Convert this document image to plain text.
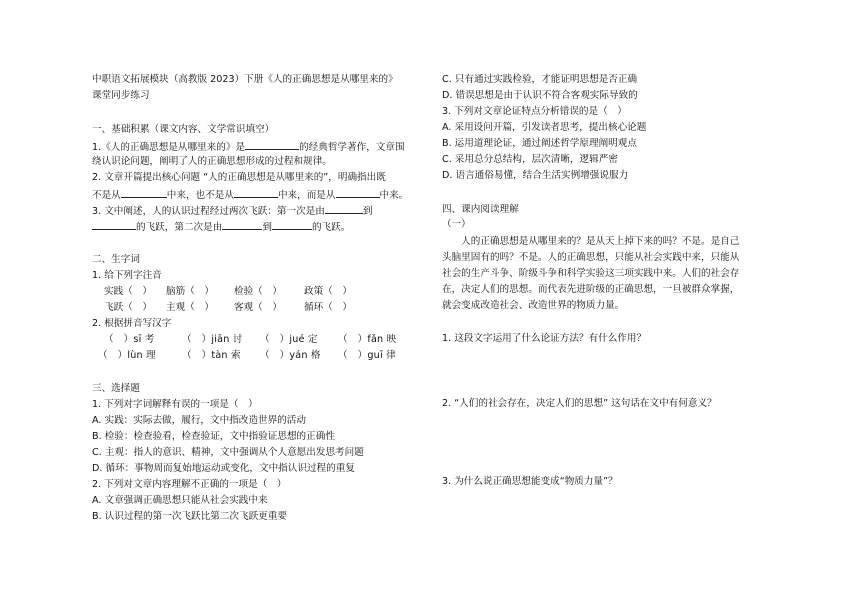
中职语文拓展模块（高教版 2023）下册《人的正确思想是从哪里来的》
课堂同步练习
一、基础积累（课文内容、文学常识填空）
1.《人的正确思想是从哪里来的》是	的经典哲学著作，文章围
绕认识论问题，阐明了人的正确思想形成的过程和规律。
2. 文章开篇提出核心问题 “人的正确思想是从哪里来的”，明确指出既
不是从	中来，也不是从	中来，而是从	中来。
3. 文中阐述，人的认识过程经过两次飞跃：第一次是由	到
的飞跃，第二次是由	到	的飞跃。
二、生字词
1. 给下列字注音
实践（　） 脑筋（　） 检验（　） 政策（　）
飞跃（　） 主观（　） 客观（　） 循环（　）
2. 根据拼音写汉字
（　）sī 考	（　）jiān 讨 （　）jué 定 （　）fǎn 映
（　）lùn 理	（　）tàn 索 （　）yán 格 （　）guī 律
三、选择题
1. 下列对字词解释有误的一项是（　）
A. 实践：实际去做，履行，文中指改造世界的活动
B. 检验：检查验看，检查验证，文中指验证思想的正确性
C. 主观：指人的意识、精神，文中强调从个人意愿出发思考问题
D. 循环：事物周而复始地运动或变化，文中指认识过程的重复
2. 下列对文章内容理解不正确的一项是（　）
A. 文章强调正确思想只能从社会实践中来
B. 认识过程的第一次飞跃比第二次飞跃更重要
C. 只有通过实践检验，才能证明思想是否正确
D. 错误思想是由于认识不符合客观实际导致的
3. 下列对文章论证特点分析错误的是（　）
A. 采用设问开篇，引发读者思考，提出核心论题
B. 运用道理论证，通过阐述哲学原理阐明观点
C. 采用总分总结构，层次清晰，逻辑严密
D. 语言通俗易懂，结合生活实例增强说服力
四、课内阅读理解
（一）
　　人的正确思想是从哪里来的？是从天上掉下来的吗？不是。是自己
头脑里固有的吗？不是。人的正确思想，只能从社会实践中来，只能从
社会的生产斗争、阶级斗争和科学实验这三项实践中来。人们的社会存
在，决定人们的思想。而代表先进阶级的正确思想，一旦被群众掌握，
就会变成改造社会、改造世界的物质力量。
1. 这段文字运用了什么论证方法？有什么作用？
2. “人们的社会存在，决定人们的思想” 这句话在文中有何意义？
3. 为什么说正确思想能变成“物质力量”？
